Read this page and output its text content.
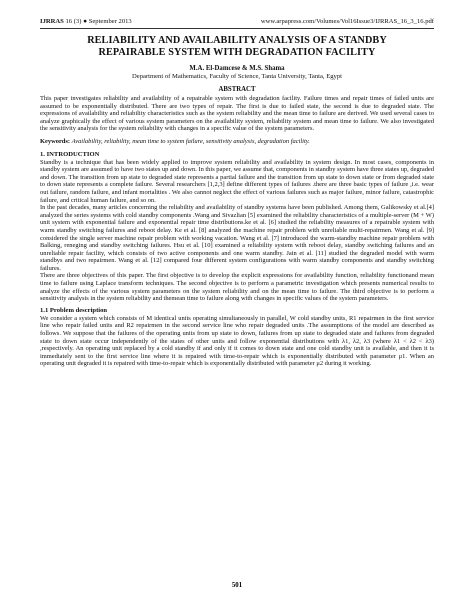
IJRRAS 16 (3) ● September 2013	www.arpapress.com/Volumes/Vol16Issue3/IJRRAS_16_3_16.pdf
RELIABILITY AND AVAILABILITY ANALYSIS OF A STANDBY
REPAIRABLE SYSTEM WITH DEGRADATION FACILITY
M.A. El-Damcese & M.S. Shama
Department of Mathematics, Faculty of Science, Tanta University, Tanta, Egypt
ABSTRACT

This paper investigates reliability and availability of a repairable system with degradation facility. Failure times and repair times of failed units are assumed to be exponentially distributed. There are two types of repair. The first is due to failed state, the second is due to degraded state. The expressions of availability and reliability characteristics such as the system reliability and the mean time to failure are derived. We used several cases to analyze graphically the effect of various system parameters on the availability system, reliability system and mean time to failure. We also investigated the sensitivity analysis for the system reliability with changes in a specific value of the system parameters.

Keywords: Availability, reliability, mean time to system failure, sensitivity analysis, degradation facility.
1. INTRODUCTION

Standby is a technique that has been widely applied to improve system reliability and availability in system design. In most cases, components in standby system are assumed to have two states up and down. In this paper, we assume that, components in standby system have three states up, degraded and down. The transition from up state to degraded state represents a partial failure and the transition from up state to down state or from degraded state to down state represents a complete failure. Several researchers [1,2,3] define different types of failures .there are three basic types of failure ,i.e. wear out failure, random failure, and infant mortalities . We also cannot neglect the effect of various failures such as major failure, minor failure, catastrophic failure, and critical human failure, and so on.

In the past decades, many articles concerning the reliability and availability of standby systems have been published. Among them, Galikowsky et al.[4] analyzed the series systems with cold standby components .Wang and Sivazlian [5] examined the reliability characteristics of a multiple-server (M + W) unit system with exponential failure and exponential repair time distributions.ke et al. [6] studied the reliability measures of a repairable system with warm standby switching failures and reboot delay. Ke et al. [8] analyzed the machine repair problem with unreliable multi-repairmen. Wang et al. [9] considered the single server machine repair problem with working vacation. Wang et al. [7] introduced the warm-standby machine repair problem with Balking, reneging and standby switching failures. Hsu et al. [10] examined a reliability system with reboot delay, standby switching failures and an unreliable repair facility, which consists of two active components and one warm standby. Jain et al. [11] studied the degraded model with warm standbys and two repairmen. Wang et al. [12] compared four different system configurations with warm standby components and standby switching failures.

There are three objectives of this paper. The first objective is to develop the explicit expressions for availability function, reliability functionand mean time to failure using Laplace transform techniques. The second objective is to perform a parametric investigation which presents numerical results to analyze the effects of the various system parameters on the system reliability and on the mean time to failure. The third objective is to perform a sensitivity analysis in the system reliability and themean time to failure along with changes in specific values of the system parameters.

1.1 Problem description

We consider a system which consists of M identical units operating simultaneously in parallel, W cold standby units, R1 repairmen in the first service line who repair failed units and R2 repairmen in the second service line who repair degraded units .The assumptions of the model are described as follows. We suppose that the failures of the operating units from up state to down, failures from up state to degraded state and failures from degraded state to down state occur independently of the states of other units and follow exponential distributions with λ1, λ2, λ3 (where λ1 < λ2 < λ3) ,respectively. An operating unit replaced by a cold standby if and only if it comes to down state and one cold standby unit is available, and then it is immediately sent to the first service line where it is repaired with time-to-repair which is exponentially distributed with parameter μ1. When an operating unit degraded it is repaired with time-to-repair which is exponentially distributed with parameter μ2 during it working.

501
